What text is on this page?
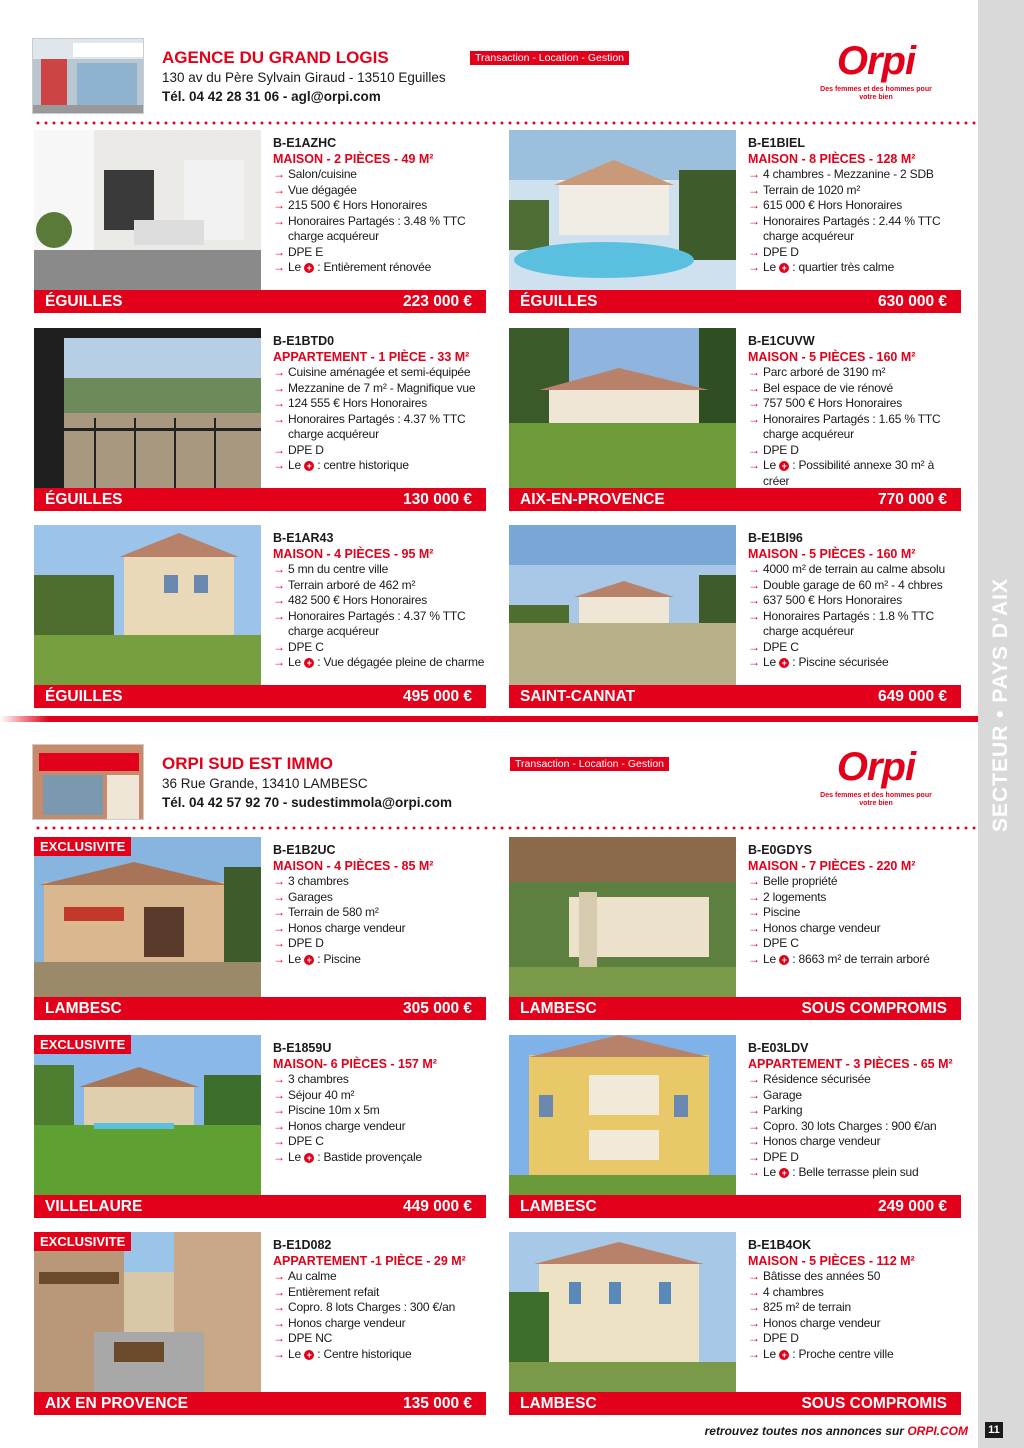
SECTEUR • PAYS D'AIX
AGENCE DU GRAND LOGIS
130 av du Père Sylvain Giraud - 13510 Eguilles
Tél. 04 42 28 31 06 - agl@orpi.com
Transaction - Location - Gestion	Orpi
Des femmes et des hommes pour votre bien
ORPI SUD EST IMMO
36 Rue Grande, 13410 LAMBESC
Tél. 04 42 57 92 70 - sudestimmola@orpi.com
Transaction - Location - Gestion	Orpi
Des femmes et des hommes pour votre bien
B-E1AZHC
MAISON - 2 PIÈCES - 49 M²
→ Salon/cuisine
→ Vue dégagée
→ 215 500 € Hors Honoraires
→ Honoraires Partagés : 3.48 % TTC charge acquéreur
→ DPE E
→ Le + : Entièrement rénovée
ÉGUILLES	223 000 €
B-E1BIEL
MAISON - 8 PIÈCES - 128 M²
→ 4 chambres - Mezzanine - 2 SDB
→ Terrain de 1020 m²
→ 615 000 € Hors Honoraires
→ Honoraires Partagés : 2.44 % TTC charge acquéreur
→ DPE D
→ Le + : quartier très calme
ÉGUILLES	630 000 €
B-E1BTD0
APPARTEMENT - 1 PIÈCE - 33 M²
→ Cuisine aménagée et semi-équipée
→ Mezzanine de 7 m² - Magnifique vue
→ 124 555 € Hors Honoraires
→ Honoraires Partagés : 4.37 % TTC charge acquéreur
→ DPE D
→ Le + : centre historique
ÉGUILLES	130 000 €
B-E1CUVW
MAISON - 5 PIÈCES - 160 M²
→ Parc arboré de 3190 m²
→ Bel espace de vie rénové
→ 757 500 € Hors Honoraires
→ Honoraires Partagés : 1.65 % TTC charge acquéreur
→ DPE D
→ Le + : Possibilité annexe 30 m² à créer
AIX-EN-PROVENCE	770 000 €
B-E1AR43
MAISON - 4 PIÈCES - 95 M²
→ 5 mn du centre ville
→ Terrain arboré de 462 m²
→ 482 500 € Hors Honoraires
→ Honoraires Partagés : 4.37 % TTC charge acquéreur
→ DPE C
→ Le + : Vue dégagée pleine de charme
ÉGUILLES	495 000 €
B-E1BI96
MAISON - 5 PIÈCES - 160 M²
→ 4000 m² de terrain au calme absolu
→ Double garage de 60 m² - 4 chbres
→ 637 500 € Hors Honoraires
→ Honoraires Partagés : 1.8 % TTC charge acquéreur
→ DPE C
→ Le + : Piscine sécurisée
SAINT-CANNAT	649 000 €
EXCLUSIVITE	B-E1B2UC
MAISON - 4 PIÈCES - 85 M²
→ 3 chambres
→ Garages
→ Terrain de 580 m²
→ Honos charge vendeur
→ DPE D
→ Le + : Piscine
LAMBESC	305 000 €
B-E0GDYS
MAISON - 7 PIÈCES - 220 M²
→ Belle propriété
→ 2 logements
→ Piscine
→ Honos charge vendeur
→ DPE C
→ Le + : 8663 m² de terrain arboré
LAMBESC	SOUS COMPROMIS
EXCLUSIVITE	B-E1859U
MAISON- 6 PIÈCES - 157 M²
→ 3 chambres
→ Séjour 40 m²
→ Piscine 10m x 5m
→ Honos charge vendeur
→ DPE C
→ Le + : Bastide provençale
VILLELAURE	449 000 €
B-E03LDV
APPARTEMENT - 3 PIÈCES - 65 M²
→ Résidence sécurisée
→ Garage
→ Parking
→ Copro. 30 lots Charges : 900 €/an
→ Honos charge vendeur
→ DPE D
→ Le + : Belle terrasse plein sud
LAMBESC	249 000 €
EXCLUSIVITE	B-E1D082
APPARTEMENT -1 PIÈCE - 29 M²
→ Au calme
→ Entièrement refait
→ Copro. 8 lots Charges : 300 €/an
→ Honos charge vendeur
→ DPE NC
→ Le + : Centre historique
AIX EN PROVENCE	135 000 €
B-E1B4OK
MAISON - 5 PIÈCES - 112 M²
→ Bâtisse des années 50
→ 4 chambres
→ 825 m² de terrain
→ Honos charge vendeur
→ DPE D
→ Le + : Proche centre ville
LAMBESC	SOUS COMPROMIS
retrouvez toutes nos annonces sur ORPI.COM 11
